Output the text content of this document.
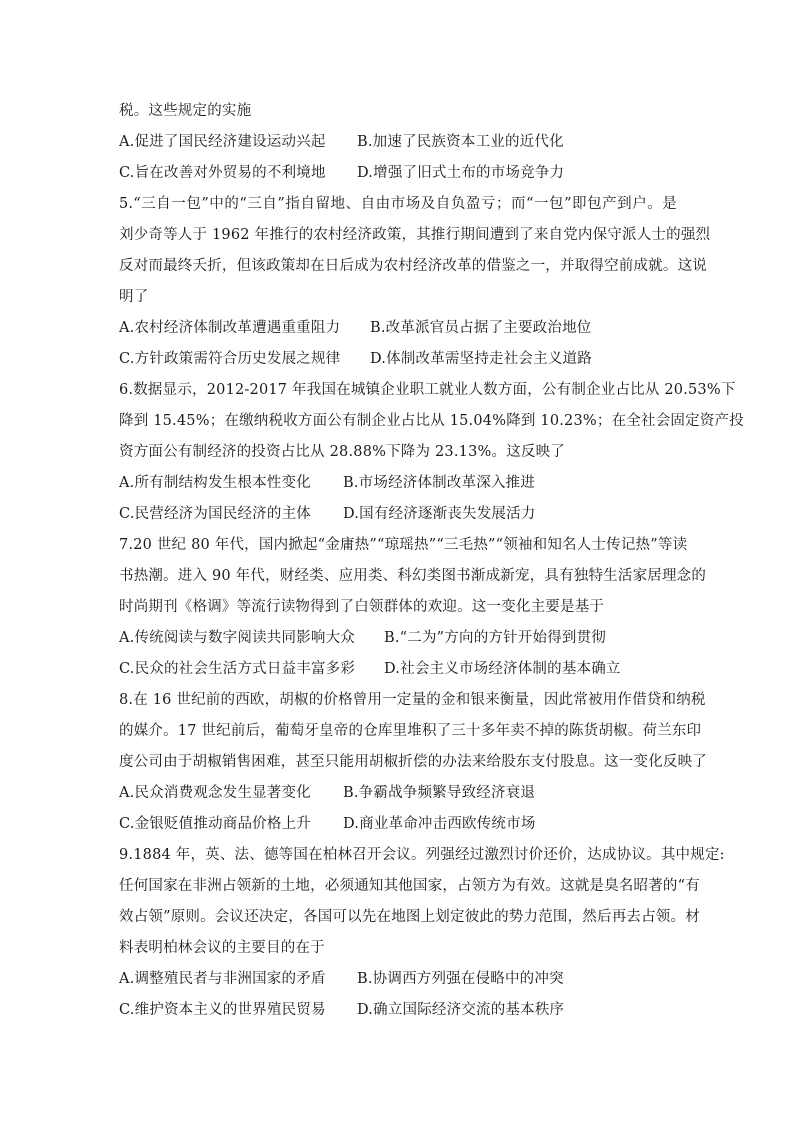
税。这些规定的实施
A.促进了国民经济建设运动兴起 B.加速了民族资本工业的近代化
C.旨在改善对外贸易的不利境地 D.增强了旧式土布的市场竞争力
5.“三自一包”中的“三自”指自留地、自由市场及自负盈亏；而“一包”即包产到户。是
刘少奇等人于 1962 年推行的农村经济政策，其推行期间遭到了来自党内保守派人士的强烈
反对而最终夭折，但该政策却在日后成为农村经济改革的借鉴之一，并取得空前成就。这说
明了
A.农村经济体制改革遭遇重重阻力 B.改革派官员占据了主要政治地位
C.方针政策需符合历史发展之规律 D.体制改革需坚持走社会主义道路
6.数据显示，2012-2017 年我国在城镇企业职工就业人数方面，公有制企业占比从 20.53%下
降到 15.45%；在缴纳税收方面公有制企业占比从 15.04%降到 10.23%；在全社会固定资产投
资方面公有制经济的投资占比从 28.88%下降为 23.13%。这反映了
A.所有制结构发生根本性变化 B.市场经济体制改革深入推进
C.民营经济为国民经济的主体 D.国有经济逐渐丧失发展活力
7.20 世纪 80 年代，国内掀起“金庸热”“琼瑶热”“三毛热”“领袖和知名人士传记热”等读
书热潮。进入 90 年代，财经类、应用类、科幻类图书渐成新宠，具有独特生活家居理念的
时尚期刊《格调》等流行读物得到了白领群体的欢迎。这一变化主要是基于
A.传统阅读与数字阅读共同影响大众 B.“二为”方向的方针开始得到贯彻
C.民众的社会生活方式日益丰富多彩 D.社会主义市场经济体制的基本确立
8.在 16 世纪前的西欧，胡椒的价格曾用一定量的金和银来衡量，因此常被用作借贷和纳税
的媒介。17 世纪前后，葡萄牙皇帝的仓库里堆积了三十多年卖不掉的陈货胡椒。荷兰东印
度公司由于胡椒销售困难，甚至只能用胡椒折偿的办法来给股东支付股息。这一变化反映了
A.民众消费观念发生显著变化 B.争霸战争频繁导致经济衰退
C.金银贬值推动商品价格上升 D.商业革命冲击西欧传统市场
9.1884 年，英、法、德等国在柏林召开会议。列强经过激烈讨价还价，达成协议。其中规定:
任何国家在非洲占领新的土地，必须通知其他国家，占领方为有效。这就是臭名昭著的“有
效占领”原则。会议还决定，各国可以先在地图上划定彼此的势力范围，然后再去占领。材
料表明柏林会议的主要目的在于
A.调整殖民者与非洲国家的矛盾 B.协调西方列强在侵略中的冲突
C.维护资本主义的世界殖民贸易 D.确立国际经济交流的基本秩序
